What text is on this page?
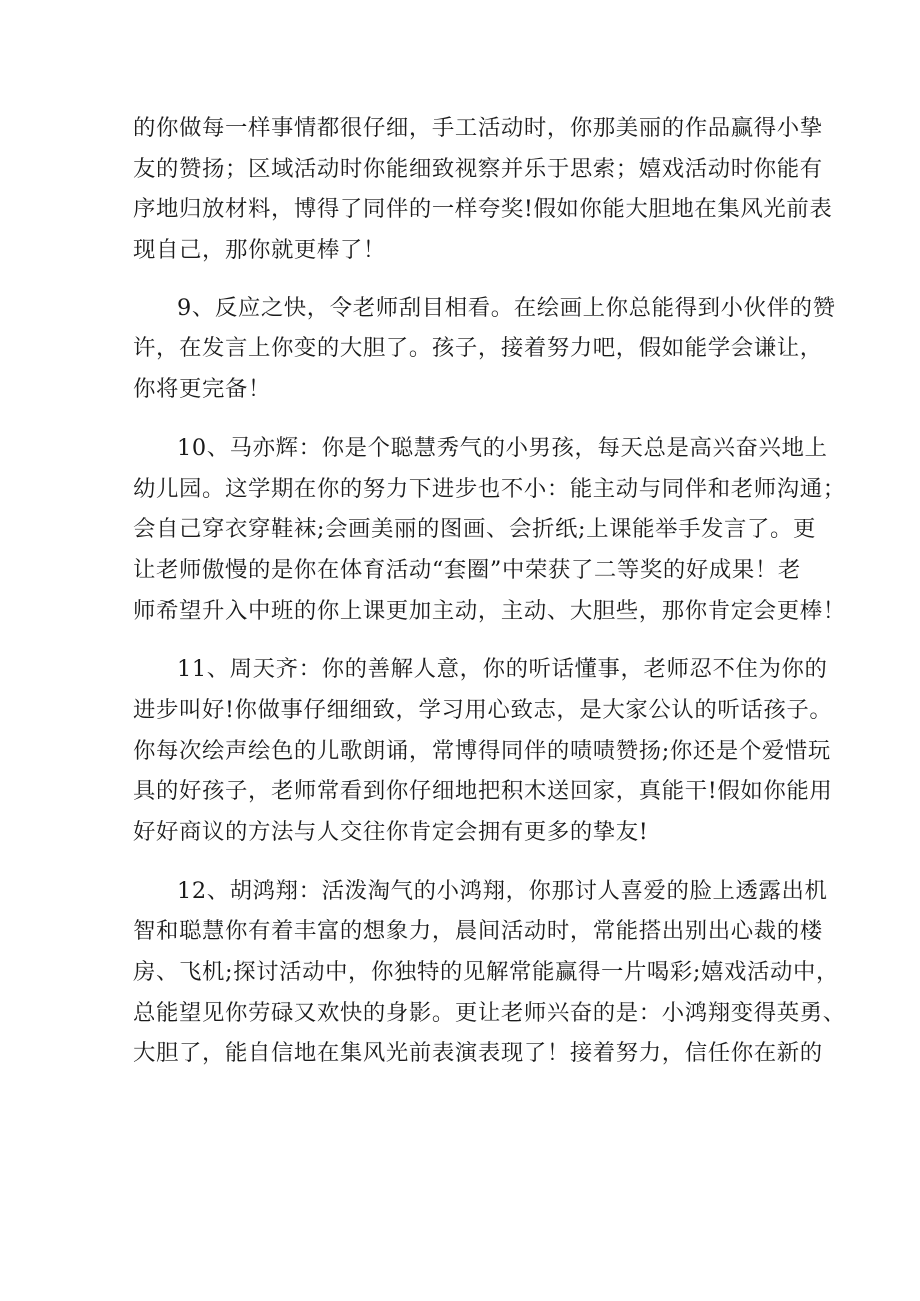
的你做每一样事情都很仔细，手工活动时，你那美丽的作品赢得小挚
友的赞扬；区域活动时你能细致视察并乐于思索；嬉戏活动时你能有
序地归放材料，博得了同伴的一样夸奖!假如你能大胆地在集风光前表
现自己，那你就更棒了！
9、反应之快，令老师刮目相看。在绘画上你总能得到小伙伴的赞
许，在发言上你变的大胆了。孩子，接着努力吧，假如能学会谦让，
你将更完备！
10、马亦辉：你是个聪慧秀气的小男孩，每天总是高兴奋兴地上
幼儿园。这学期在你的努力下进步也不小：能主动与同伴和老师沟通；
会自己穿衣穿鞋袜;会画美丽的图画、会折纸;上课能举手发言了。更
让老师傲慢的是你在体育活动“套圈”中荣获了二等奖的好成果！老
师希望升入中班的你上课更加主动，主动、大胆些，那你肯定会更棒！
11、周天齐：你的善解人意，你的听话懂事，老师忍不住为你的
进步叫好!你做事仔细细致，学习用心致志，是大家公认的听话孩子。
你每次绘声绘色的儿歌朗诵，常博得同伴的啧啧赞扬;你还是个爱惜玩
具的好孩子，老师常看到你仔细地把积木送回家，真能干!假如你能用
好好商议的方法与人交往你肯定会拥有更多的挚友!
12、胡鸿翔：活泼淘气的小鸿翔，你那讨人喜爱的脸上透露出机
智和聪慧你有着丰富的想象力，晨间活动时，常能搭出别出心裁的楼
房、飞机;探讨活动中，你独特的见解常能赢得一片喝彩;嬉戏活动中，
总能望见你劳碌又欢快的身影。更让老师兴奋的是：小鸿翔变得英勇、
大胆了，能自信地在集风光前表演表现了！接着努力，信任你在新的
